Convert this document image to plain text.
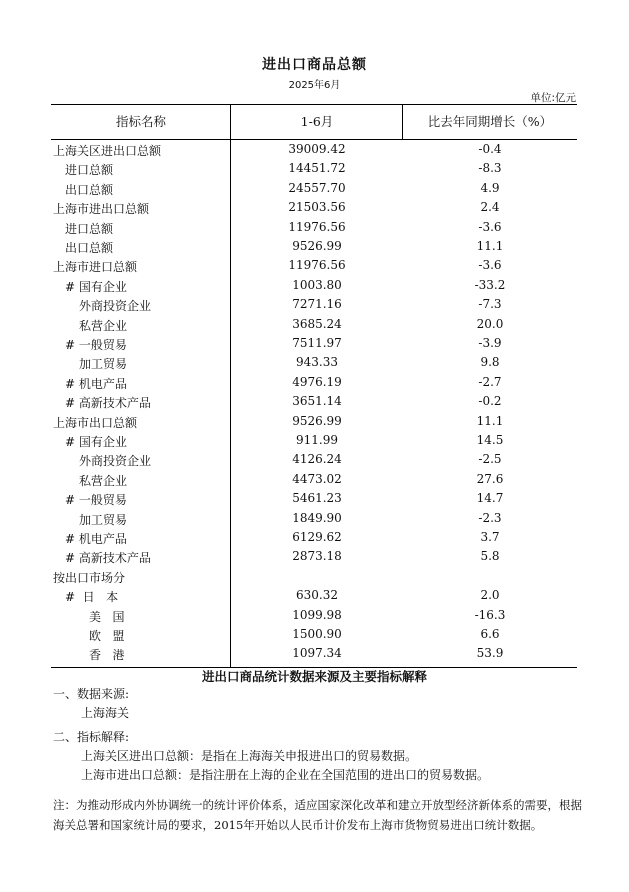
进出口商品总额
2025年6月
单位:亿元
指标名称	1-6月	比去年同期增长（%）
上海关区进出口总额	39009.42	-0.4
进口总额	14451.72	-8.3
出口总额	24557.70	4.9
上海市进出口总额	21503.56	2.4
进口总额	11976.56	-3.6
出口总额	9526.99	11.1
上海市进口总额	11976.56	-3.6
# 国有企业	1003.80	-33.2
外商投资企业	7271.16	-7.3
私营企业	3685.24	20.0
# 一般贸易	7511.97	-3.9
加工贸易	943.33	9.8
# 机电产品	4976.19	-2.7
# 高新技术产品	3651.14	-0.2
上海市出口总额	9526.99	11.1
# 国有企业	911.99	14.5
外商投资企业	4126.24	-2.5
私营企业	4473.02	27.6
# 一般贸易	5461.23	14.7
加工贸易	1849.90	-2.3
# 机电产品	6129.62	3.7
# 高新技术产品	2873.18	5.8
按出口市场分
#  日   本	630.32	2.0
美   国	1099.98	-16.3
欧   盟	1500.90	6.6
香   港	1097.34	53.9
进出口商品统计数据来源及主要指标解释
一、数据来源:
上海海关
二、指标解释:
上海关区进出口总额：是指在上海海关申报进出口的贸易数据。
上海市进出口总额：是指注册在上海的企业在全国范围的进出口的贸易数据。
注：为推动形成内外协调统一的统计评价体系，适应国家深化改革和建立开放型经济新体系的需要，根据海关总署和国家统计局的要求，2015年开始以人民币计价发布上海市货物贸易进出口统计数据。
